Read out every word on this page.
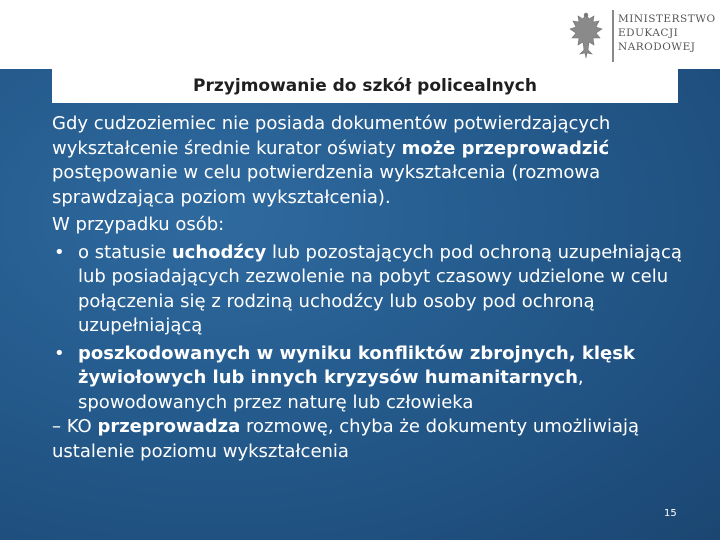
MINISTERSTWO
EDUKACJI
NARODOWEJ
Przyjmowanie do szkół policealnych

Gdy cudzoziemiec nie posiada dokumentów potwierdzających wykształcenie średnie kurator oświaty może przeprowadzić postępowanie w celu potwierdzenia wykształcenia (rozmowa sprawdzająca poziom wykształcenia).

W przypadku osób:

• o statusie uchodźcy lub pozostających pod ochroną uzupełniającą lub posiadających zezwolenie na pobyt czasowy udzielone w celu połączenia się z rodziną uchodźcy lub osoby pod ochroną uzupełniającą
• poszkodowanych w wyniku konfliktów zbrojnych, klęsk żywiołowych lub innych kryzysów humanitarnych, spowodowanych przez naturę lub człowieka

– KO przeprowadza rozmowę, chyba że dokumenty umożliwiają ustalenie poziomu wykształcenia

15
